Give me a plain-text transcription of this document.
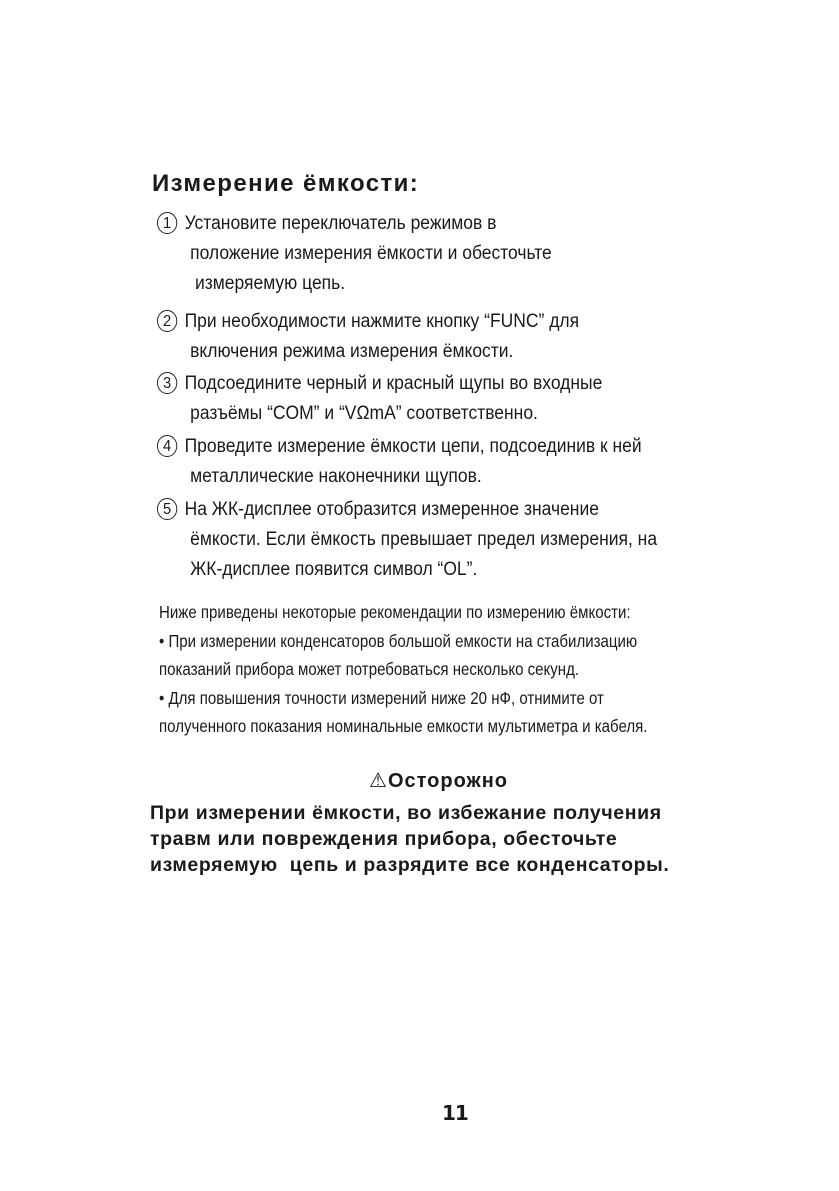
Измерение ёмкости:
1 Установите переключатель режимов в
положение измерения ёмкости и обесточьте
измеряемую цепь.
2 При необходимости нажмите кнопку “FUNC” для
включения режима измерения ёмкости.
3 Подсоедините черный и красный щупы во входные
разъёмы “COM” и “VΩmA” соответственно.
4 Проведите измерение ёмкости цепи, подсоединив к ней
металлические наконечники щупов.
5 На ЖК-дисплее отобразится измеренное значение
ёмкости. Если ёмкость превышает предел измерения, на
ЖК-дисплее появится символ “OL”.
Ниже приведены некоторые рекомендации по измерению ёмкости:
• При измерении конденсаторов большой емкости на стабилизацию
показаний прибора может потребоваться несколько секунд.
• Для повышения точности измерений ниже 20 нФ, отнимите от
полученного показания номинальные емкости мультиметра и кабеля.
⚠Осторожно
При измерении ёмкости, во избежание получения
травм или повреждения прибора, обесточьте
измеряемую  цепь и разрядите все конденсаторы.
11
